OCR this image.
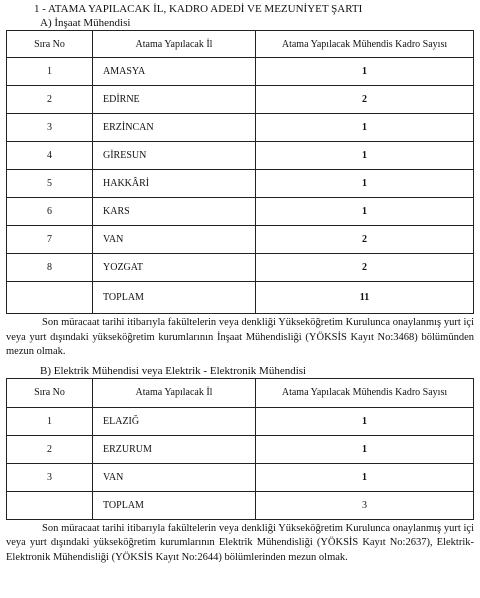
1 - ATAMA YAPILACAK İL, KADRO ADEDİ VE MEZUNİYET ŞARTI
A) İnşaat Mühendisi
Sıra No	Atama Yapılacak İl	Atama Yapılacak Mühendis Kadro Sayısı
1	AMASYA	1
2	EDİRNE	2
3	ERZİNCAN	1
4	GİRESUN	1
5	HAKKÂRİ	1
6	KARS	1
7	VAN	2
8	YOZGAT	2
	TOPLAM	11
Son müracaat tarihi itibarıyla fakültelerin veya denkliği Yükseköğretim Kurulunca onaylanmış yurt içi veya yurt dışındaki yükseköğretim kurumlarının İnşaat Mühendisliği (YÖKSİS Kayıt No:3468) bölümünden mezun olmak.
B) Elektrik Mühendisi veya Elektrik - Elektronik Mühendisi
Sıra No	Atama Yapılacak İl	Atama Yapılacak Mühendis Kadro Sayısı
1	ELAZIĞ	1
2	ERZURUM	1
3	VAN	1
	TOPLAM	3
Son müracaat tarihi itibarıyla fakültelerin veya denkliği Yükseköğretim Kurulunca onaylanmış yurt içi veya yurt dışındaki yükseköğretim kurumlarının Elektrik Mühendisliği (YÖKSİS Kayıt No:2637), Elektrik-Elektronik Mühendisliği (YÖKSİS Kayıt No:2644) bölümlerinden mezun olmak.
